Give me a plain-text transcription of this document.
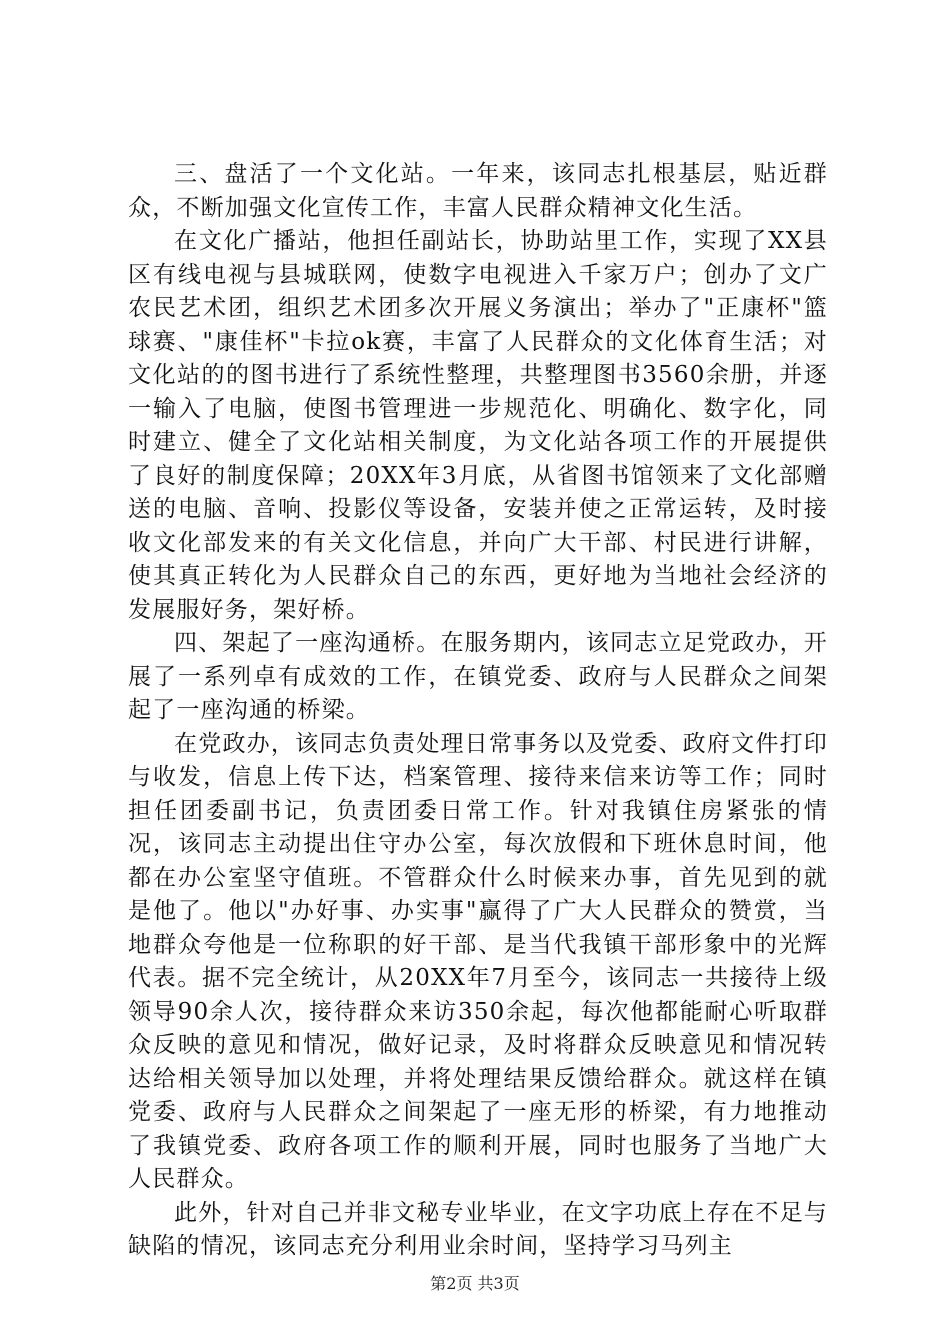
三、盘活了一个文化站。一年来，该同志扎根基层，贴近群众，不断加强文化宣传工作，丰富人民群众精神文化生活。

在文化广播站，他担任副站长，协助站里工作，实现了XX县区有线电视与县城联网，使数字电视进入千家万户；创办了文广农民艺术团，组织艺术团多次开展义务演出；举办了"正康杯"篮球赛、"康佳杯"卡拉ok赛，丰富了人民群众的文化体育生活；对文化站的的图书进行了系统性整理，共整理图书3560余册，并逐一输入了电脑，使图书管理进一步规范化、明确化、数字化，同时建立、健全了文化站相关制度，为文化站各项工作的开展提供了良好的制度保障；20XX年3月底，从省图书馆领来了文化部赠送的电脑、音响、投影仪等设备，安装并使之正常运转，及时接收文化部发来的有关文化信息，并向广大干部、村民进行讲解，使其真正转化为人民群众自己的东西，更好地为当地社会经济的发展服好务，架好桥。

四、架起了一座沟通桥。在服务期内，该同志立足党政办，开展了一系列卓有成效的工作，在镇党委、政府与人民群众之间架起了一座沟通的桥梁。

在党政办，该同志负责处理日常事务以及党委、政府文件打印与收发，信息上传下达，档案管理、接待来信来访等工作；同时担任团委副书记，负责团委日常工作。针对我镇住房紧张的情况，该同志主动提出住守办公室，每次放假和下班休息时间，他都在办公室坚守值班。不管群众什么时候来办事，首先见到的就是他了。他以"办好事、办实事"赢得了广大人民群众的赞赏，当地群众夸他是一位称职的好干部、是当代我镇干部形象中的光辉代表。据不完全统计，从20XX年7月至今，该同志一共接待上级领导90余人次，接待群众来访350余起，每次他都能耐心听取群众反映的意见和情况，做好记录，及时将群众反映意见和情况转达给相关领导加以处理，并将处理结果反馈给群众。就这样在镇党委、政府与人民群众之间架起了一座无形的桥梁，有力地推动了我镇党委、政府各项工作的顺利开展，同时也服务了当地广大人民群众。

此外，针对自己并非文秘专业毕业，在文字功底上存在不足与缺陷的情况，该同志充分利用业余时间，坚持学习马列主

第2页 共3页
